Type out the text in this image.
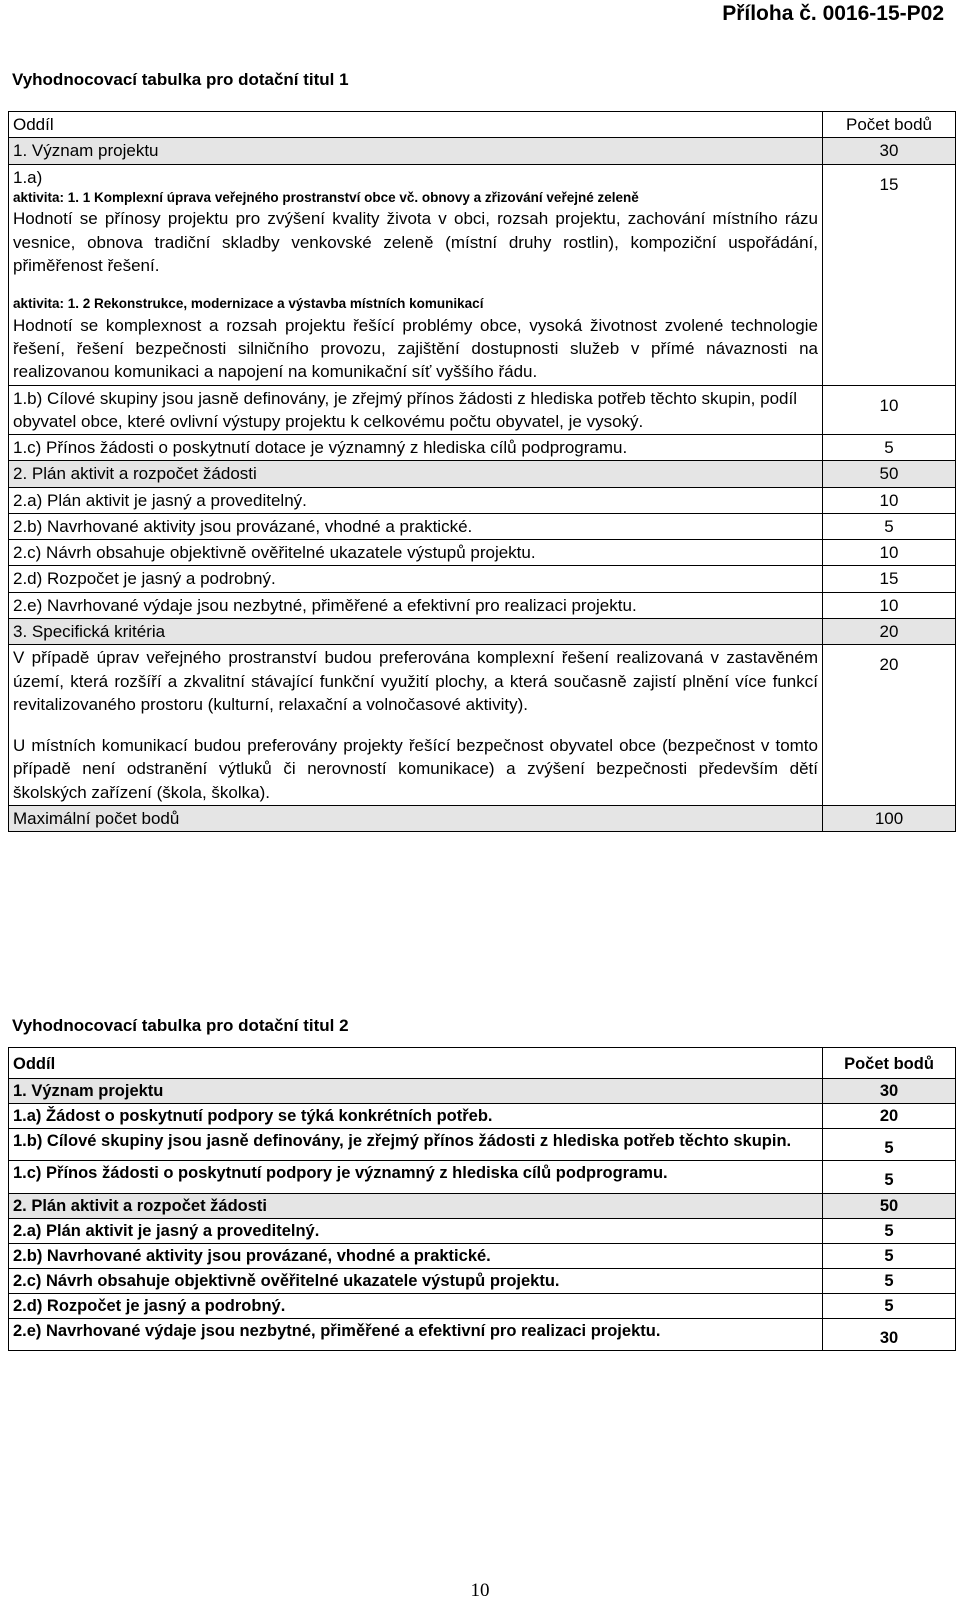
Příloha č. 0016-15-P02
Vyhodnocovací tabulka pro dotační titul 1
Oddíl	Počet bodů
1. Význam projektu	30

1.a)
aktivita: 1. 1 Komplexní úprava veřejného prostranství obce vč. obnovy a zřizování veřejné zeleně
Hodnotí se přínosy projektu pro zvýšení kvality života v obci, rozsah projektu, zachování místního rázu vesnice, obnova tradiční skladby venkovské zeleně (místní druhy rostlin), kompoziční uspořádání, přiměřenost řešení.
aktivita: 1. 2 Rekonstrukce, modernizace a výstavba místních komunikací
Hodnotí se komplexnost a rozsah projektu řešící problémy obce, vysoká životnost zvolené technologie řešení, řešení bezpečnosti silničního provozu, zajištění dostupnosti služeb v přímé návaznosti na realizovanou komunikaci a napojení na komunikační síť vyššího řádu.	15
1.b) Cílové skupiny jsou jasně definovány, je zřejmý přínos žádosti z hlediska potřeb těchto skupin, podíl obyvatel obce, které ovlivní výstupy projektu k celkovému počtu obyvatel, je vysoký.	10
1.c) Přínos žádosti o poskytnutí dotace je významný z hlediska cílů podprogramu.	5
2. Plán aktivit a rozpočet žádosti	50
2.a) Plán aktivit je jasný a proveditelný.	10
2.b) Navrhované aktivity jsou provázané, vhodné a praktické.	5
2.c) Návrh obsahuje objektivně ověřitelné ukazatele výstupů projektu.	10
2.d) Rozpočet je jasný a podrobný.	15
2.e) Navrhované výdaje jsou nezbytné, přiměřené a efektivní pro realizaci projektu.	10
3. Specifická kritéria	20

V případě úprav veřejného prostranství budou preferována komplexní řešení realizovaná v zastavěném území, která rozšíří a zkvalitní stávající funkční využití plochy, a která současně zajistí plnění více funkcí revitalizovaného prostoru (kulturní, relaxační a volnočasové aktivity).
U místních komunikací budou preferovány projekty řešící bezpečnost obyvatel obce (bezpečnost v tomto případě není odstranění výtluků či nerovností komunikace) a zvýšení bezpečnosti především dětí školských zařízení (škola, školka).	20
Maximální počet bodů	100
Vyhodnocovací tabulka pro dotační titul 2
Oddíl	Počet bodů
1. Význam projektu	30
1.a) Žádost o poskytnutí podpory se týká konkrétních potřeb.	20
1.b) Cílové skupiny jsou jasně definovány, je zřejmý přínos žádosti z hlediska potřeb těchto skupin.	5
1.c) Přínos žádosti o poskytnutí podpory je významný z hlediska cílů podprogramu.	5
2. Plán aktivit a rozpočet žádosti	50
2.a) Plán aktivit je jasný a proveditelný.	5
2.b) Navrhované aktivity jsou provázané, vhodné a praktické.	5
2.c) Návrh obsahuje objektivně ověřitelné ukazatele výstupů projektu.	5
2.d) Rozpočet je jasný a podrobný.	5
2.e) Navrhované výdaje jsou nezbytné, přiměřené a efektivní pro realizaci projektu.	30
10
